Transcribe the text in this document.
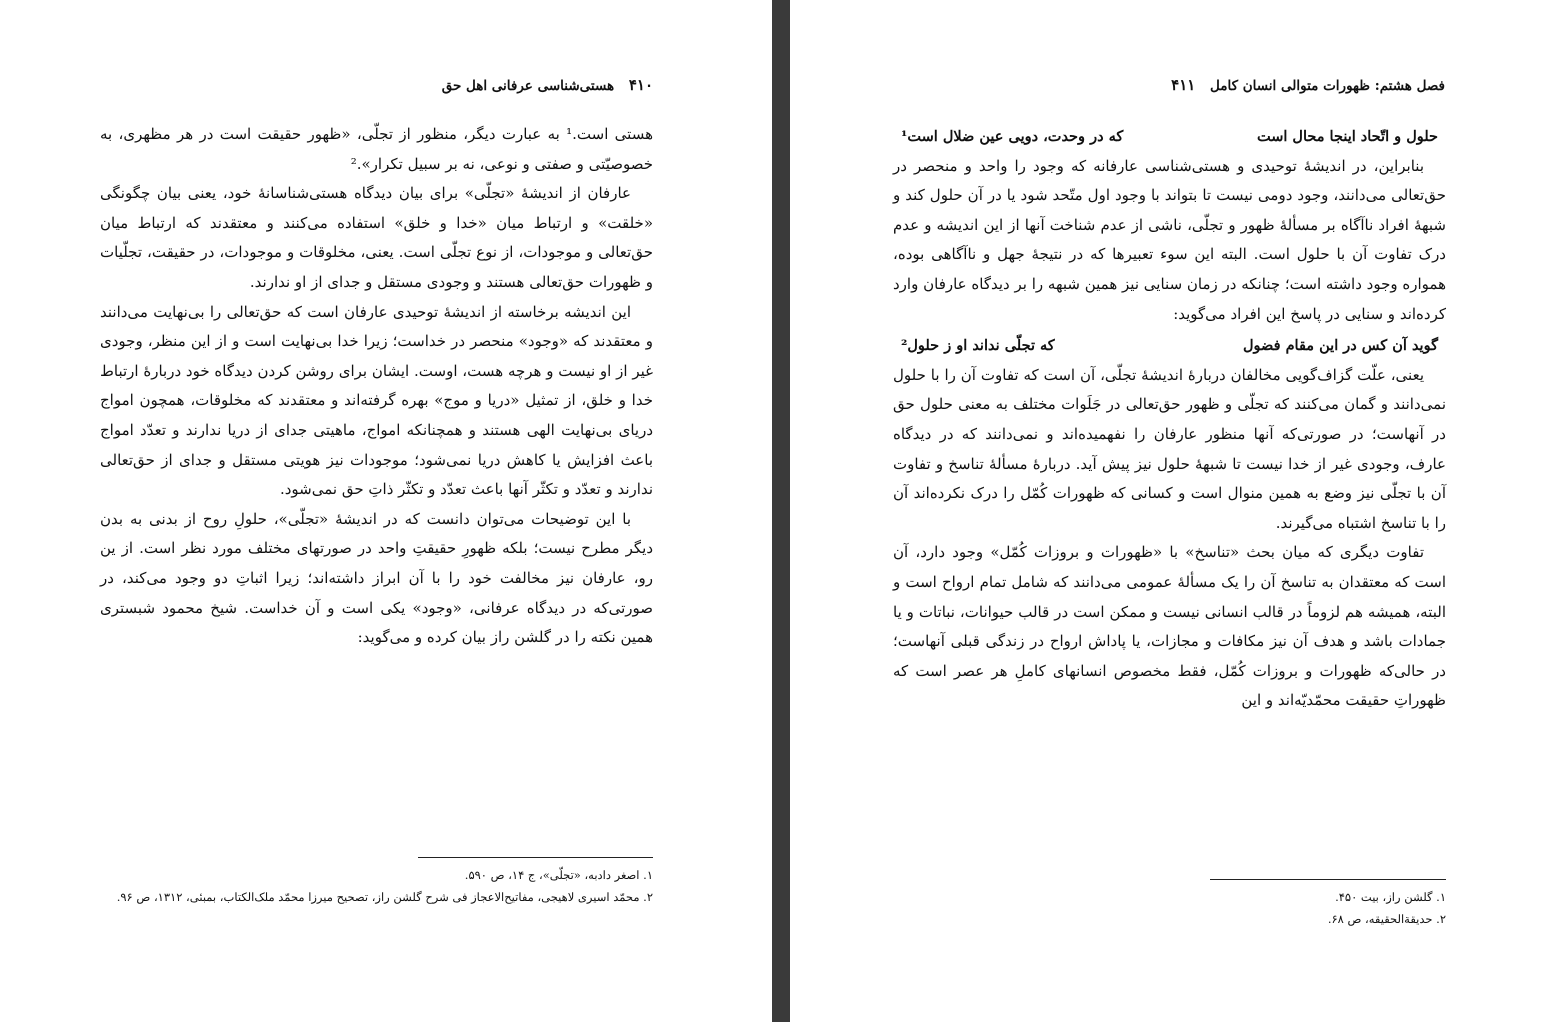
۴۱۰ هستی‌شناسی عرفانی اهل حق

هستی است.¹ به عبارت دیگر، منظور از تجلّی، «ظهور حقیقت است در هر مظهری، به خصوصیّتی و صفتی و نوعی، نه بر سبیل تکرار».²

عارفان از اندیشهٔ «تجلّی» برای بیان دیدگاه هستی‌شناسانهٔ خود، یعنی بیان چگونگی «خلقت» و ارتباط میان «خدا و خلق» استفاده می‌کنند و معتقدند که ارتباط میان حق‌تعالی و موجودات، از نوع تجلّی است. یعنی، مخلوقات و موجودات، در حقیقت، تجلّیات و ظهورات حق‌تعالی هستند و وجودی مستقل و جدای از او ندارند.

این اندیشه برخاسته از اندیشهٔ توحیدی عارفان است که حق‌تعالی را بی‌نهایت می‌دانند و معتقدند که «وجود» منحصر در خداست؛ زیرا خدا بی‌نهایت است و از این منظر، وجودی غیر از او نیست و هرچه هست، اوست. ایشان برای روشن کردن دیدگاه خود دربارهٔ ارتباط خدا و خلق، از تمثیل «دریا و موج» بهره گرفته‌اند و معتقدند که مخلوقات، همچون امواج دریای بی‌نهایت الهی هستند و همچنانکه امواج، ماهیتی جدای از دریا ندارند و تعدّد امواج باعث افزایش یا کاهش دریا نمی‌شود؛ موجودات نیز هویتی مستقل و جدای از حق‌تعالی ندارند و تعدّد و تکثّر آنها باعث تعدّد و تکثّر ذاتِ حق نمی‌شود.

با این توضیحات می‌توان دانست که در اندیشهٔ «تجلّی»، حلولِ روح از بدنی به بدن دیگر مطرح نیست؛ بلکه ظهورِ حقیقتِ واحد در صورتهای مختلف مورد نظر است. از ین رو، عارفان نیز مخالفت خود را با آن ابراز داشته‌اند؛ زیرا اثباتِ دو وجود می‌کند، در صورتی‌که در دیدگاه عرفانی، «وجود» یکی است و آن خداست. شیخ محمود شبستری همین نکته را در گلشن راز بیان کرده و می‌گوید:

۱. اصغر دادبه، «تجلّی»، ج ۱۴، ص ۵۹۰.
۲. محمّد اسیری لاهیجی، مفاتیح‌الاعجاز فی شرح گلشن راز، تصحیح میرزا محمّد ملک‌الکتاب، بمبئی، ۱۳۱۲، ص ۹۶.
فصل هشتم: ظهورات متوالی انسان کامل ۴۱۱
حلول و اتّحاد اینجا محال است
که در وحدت، دویی عین ضلال است¹

بنابراین، در اندیشهٔ توحیدی و هستی‌شناسی عارفانه که وجود را واحد و منحصر در حق‌تعالی می‌دانند، وجود دومی نیست تا بتواند با وجود اول متّحد شود یا در آن حلول کند و شبههٔ افراد ناآگاه بر مسألهٔ ظهور و تجلّی، ناشی از عدم شناخت آنها از این اندیشه و عدم درک تفاوت آن با حلول است. البته این سوء تعبیرها که در نتیجهٔ جهل و ناآگاهی بوده، همواره وجود داشته است؛ چنانکه در زمان سنایی نیز همین شبهه را بر دیدگاه عارفان وارد کرده‌اند و سنایی در پاسخ این افراد می‌گوید:

گوید آن کس در این مقام فضول
که تجلّی نداند او ز حلول²

یعنی، علّت گزاف‌گویی مخالفان دربارهٔ اندیشهٔ تجلّی، آن است که تفاوت آن را با حلول نمی‌دانند و گمان می‌کنند که تجلّی و ظهور حق‌تعالی در جَلَوات مختلف به معنی حلول حق در آنهاست؛ در صورتی‌که آنها منظور عارفان را نفهمیده‌اند و نمی‌دانند که در دیدگاه عارف، وجودی غیر از خدا نیست تا شبههٔ حلول نیز پیش آید. دربارهٔ مسألهٔ تناسخ و تفاوت آن با تجلّی نیز وضع به همین منوال است و کسانی که ظهورات کُمّل را درک نکرده‌اند آن را با تناسخ اشتباه می‌گیرند.

تفاوت دیگری که میان بحث «تناسخ» با «ظهورات و بروزات کُمّل» وجود دارد، آن است که معتقدان به تناسخ آن را یک مسألهٔ عمومی می‌دانند که شامل تمام ارواح است و البته، همیشه هم لزوماً در قالب انسانی نیست و ممکن است در قالب حیوانات، نباتات و یا جمادات باشد و هدف آن نیز مکافات و مجازات، یا پاداش ارواح در زندگی قبلی آنهاست؛ در حالی‌که ظهورات و بروزات کُمّل، فقط مخصوص انسانهای کاملِ هر عصر است که ظهوراتِ حقیقت محمّدیّه‌اند و این

۱. گلشن راز، بیت ۴۵۰.
۲. حدیقةالحقیقه، ص ۶۸.
